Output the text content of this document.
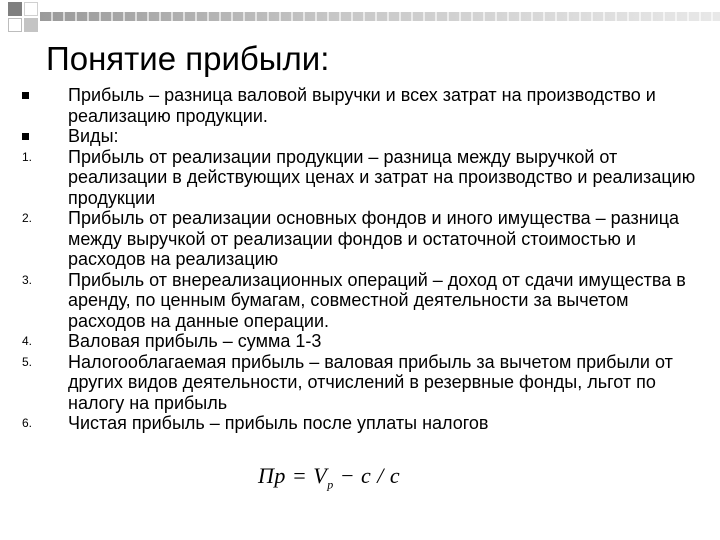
Понятие прибыли:
Прибыль – разница валовой выручки и всех затрат на производство и реализацию продукции.
Виды:
1. Прибыль от реализации продукции – разница между выручкой от реализации в действующих ценах и затрат на производство и реализацию продукции
2. Прибыль от реализации основных фондов и иного имущества – разница между выручкой от реализации фондов и остаточной стоимостью и расходов на реализацию
3. Прибыль от внереализационных операций – доход от сдачи имущества в аренду, по ценным бумагам, совместной деятельности за вычетом расходов на данные операции.
4. Валовая прибыль – сумма 1-3
5. Налогооблагаемая прибыль – валовая прибыль за вычетом прибыли от других видов деятельности, отчислений в резервные фонды, льгот по налогу на прибыль
6. Чистая прибыль – прибыль после уплаты налогов
Пр = $V_p - c / c$
